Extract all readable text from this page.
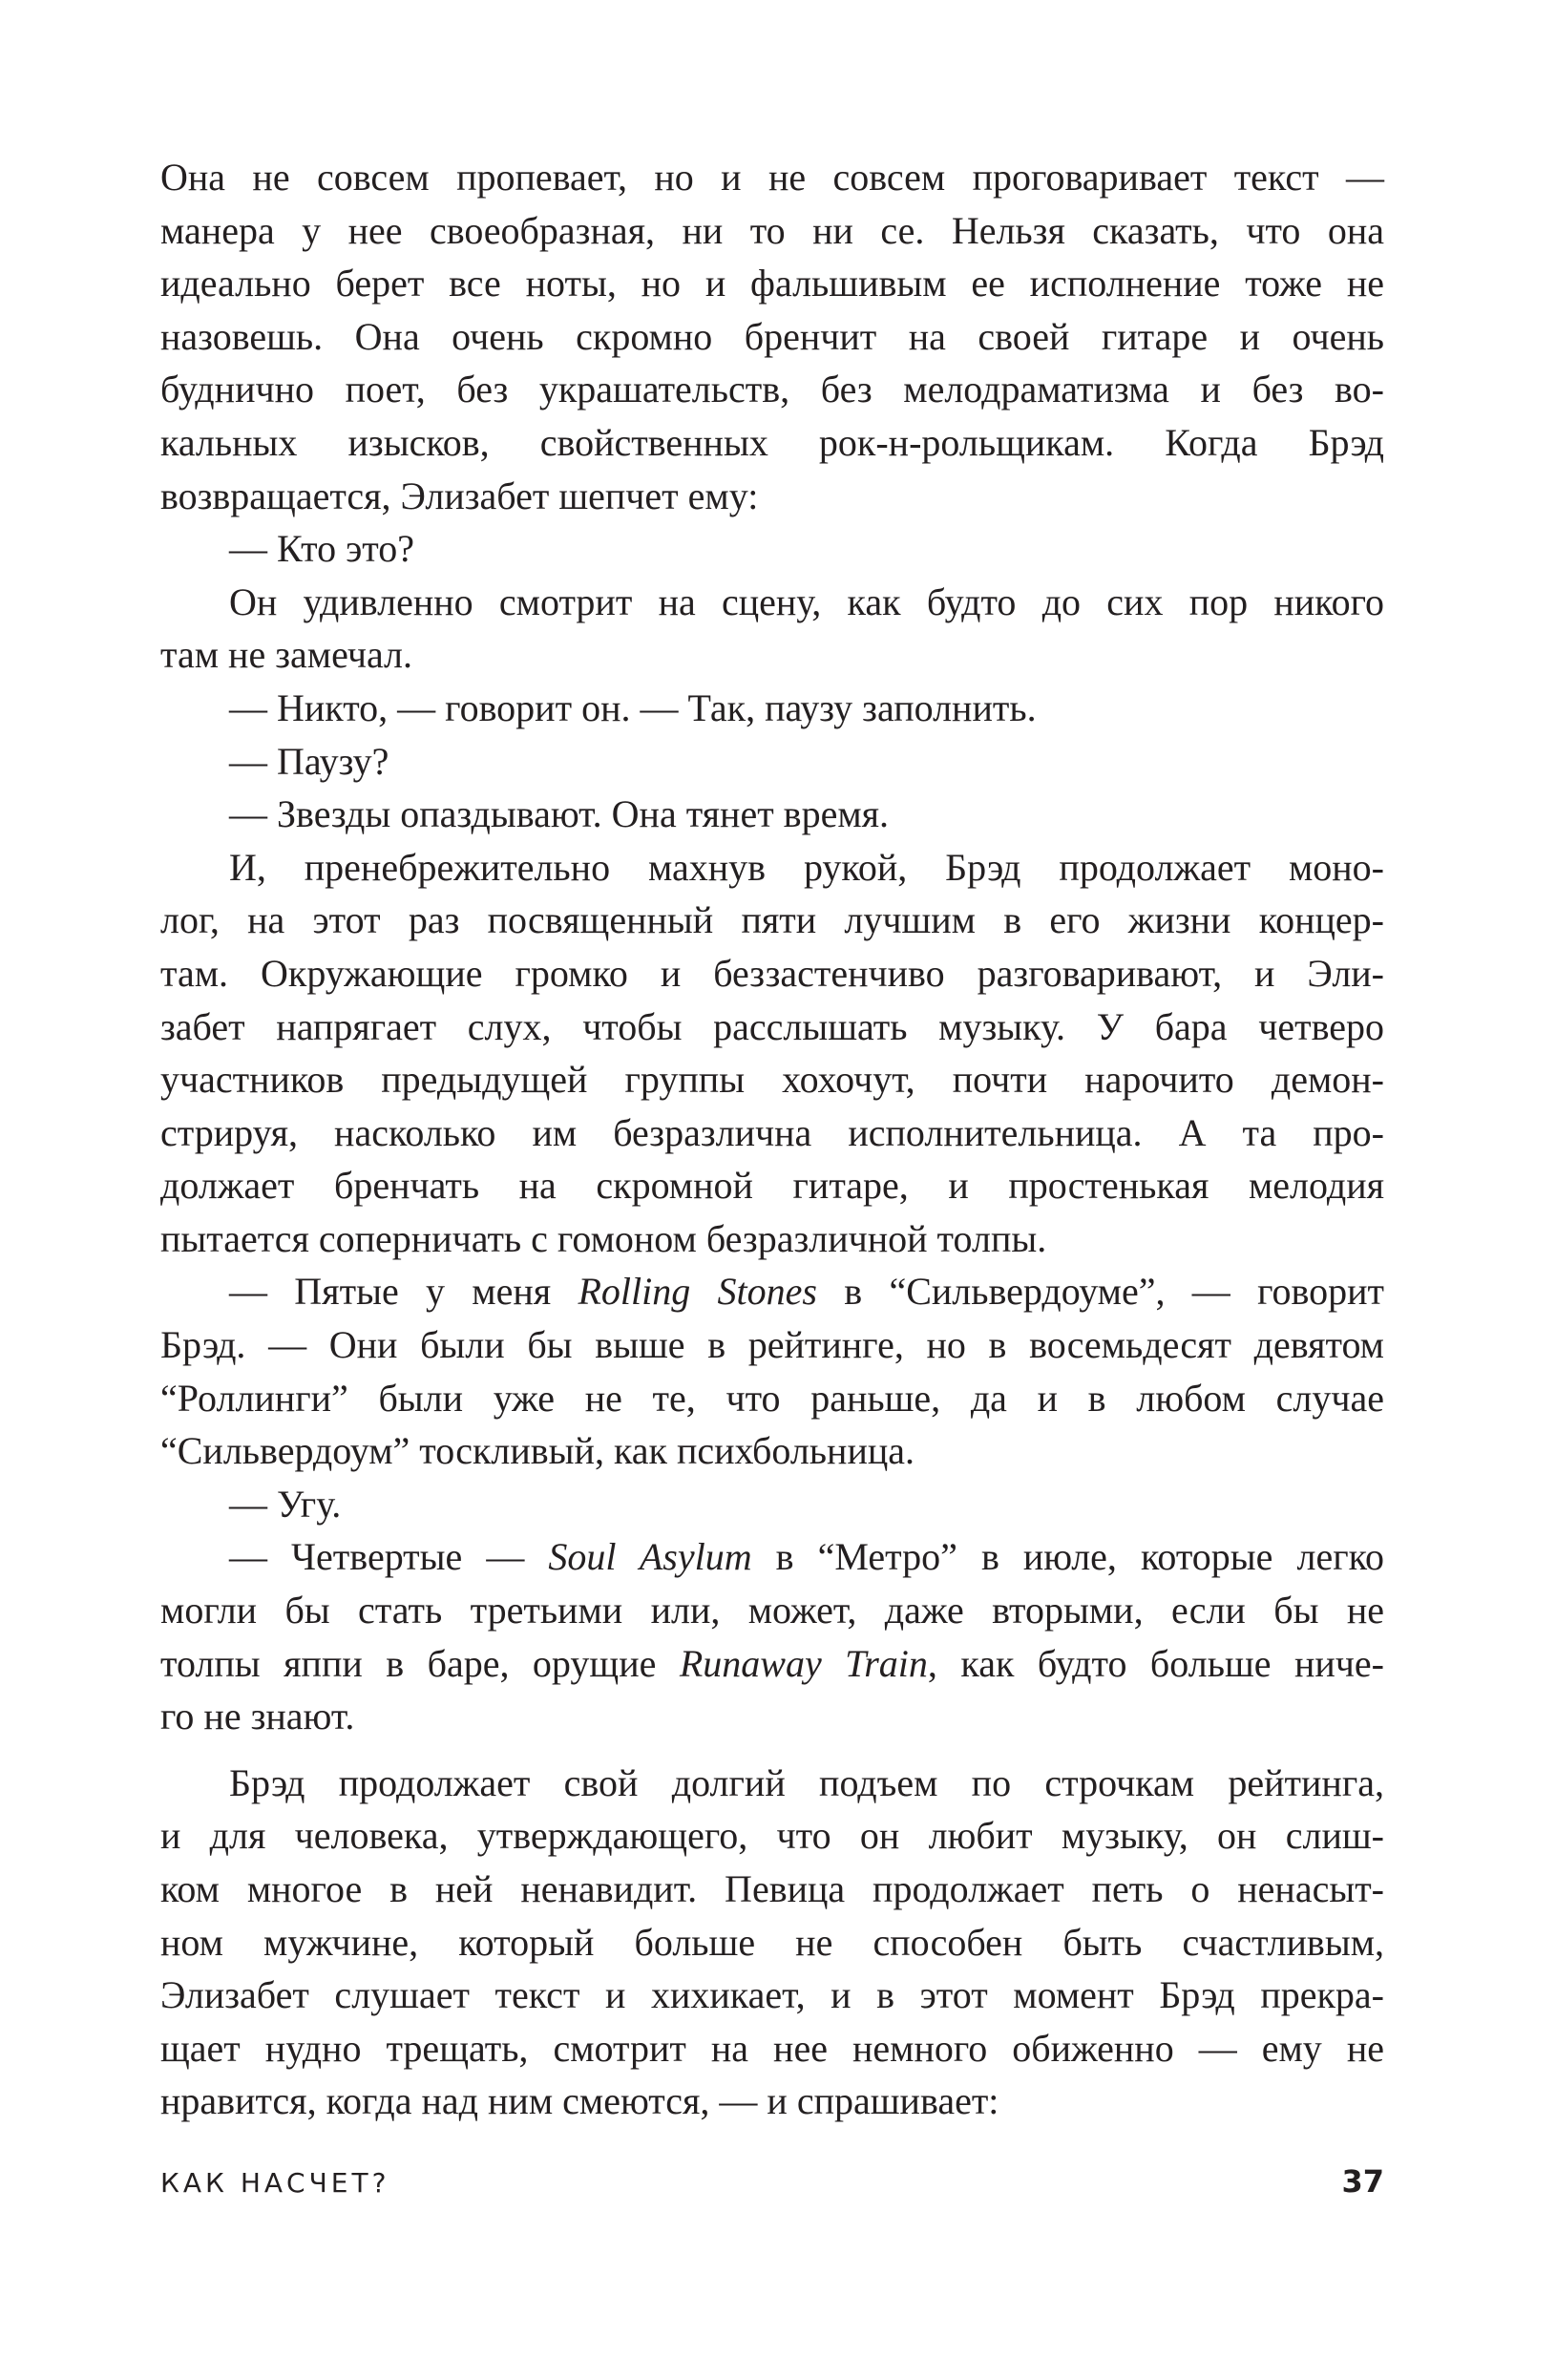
Она не совсем пропевает, но и не совсем проговаривает текст —
манера у нее своеобразная, ни то ни се. Нельзя сказать, что она
идеально берет все ноты, но и фальшивым ее исполнение тоже не
назовешь. Она очень скромно бренчит на своей гитаре и очень
буднично поет, без украшательств, без мелодраматизма и без во-
кальных изысков, свойственных рок-н-рольщикам. Когда Брэд
возвращается, Элизабет шепчет ему:
— Кто это?
Он удивленно смотрит на сцену, как будто до сих пор никого
там не замечал.
— Никто, — говорит он. — Так, паузу заполнить.
— Паузу?
— Звезды опаздывают. Она тянет время.
И, пренебрежительно махнув рукой, Брэд продолжает моно-
лог, на этот раз посвященный пяти лучшим в его жизни концер-
там. Окружающие громко и беззастенчиво разговаривают, и Эли-
забет напрягает слух, чтобы расслышать музыку. У бара четверо
участников предыдущей группы хохочут, почти нарочито демон-
стрируя, насколько им безразлична исполнительница. А та про-
должает бренчать на скромной гитаре, и простенькая мелодия
пытается соперничать с гомоном безразличной толпы.
— Пятые у меня Rolling Stones в “Сильвердоуме”, — говорит
Брэд. — Они были бы выше в рейтинге, но в восемьдесят девятом
“Роллинги” были уже не те, что раньше, да и в любом случае
“Сильвердоум” тоскливый, как психбольница.
— Угу.
— Четвертые — Soul Asylum в “Метро” в июле, которые легко
могли бы стать третьими или, может, даже вторыми, если бы не
толпы яппи в баре, орущие Runaway Train, как будто больше ниче-
го не знают.
Брэд продолжает свой долгий подъем по строчкам рейтинга,
и для человека, утверждающего, что он любит музыку, он слиш-
ком многое в ней ненавидит. Певица продолжает петь о ненасыт-
ном мужчине, который больше не способен быть счастливым,
Элизабет слушает текст и хихикает, и в этот момент Брэд прекра-
щает нудно трещать, смотрит на нее немного обиженно — ему не
нравится, когда над ним смеются, — и спрашивает:
КАК НАСЧЕТ?	37
